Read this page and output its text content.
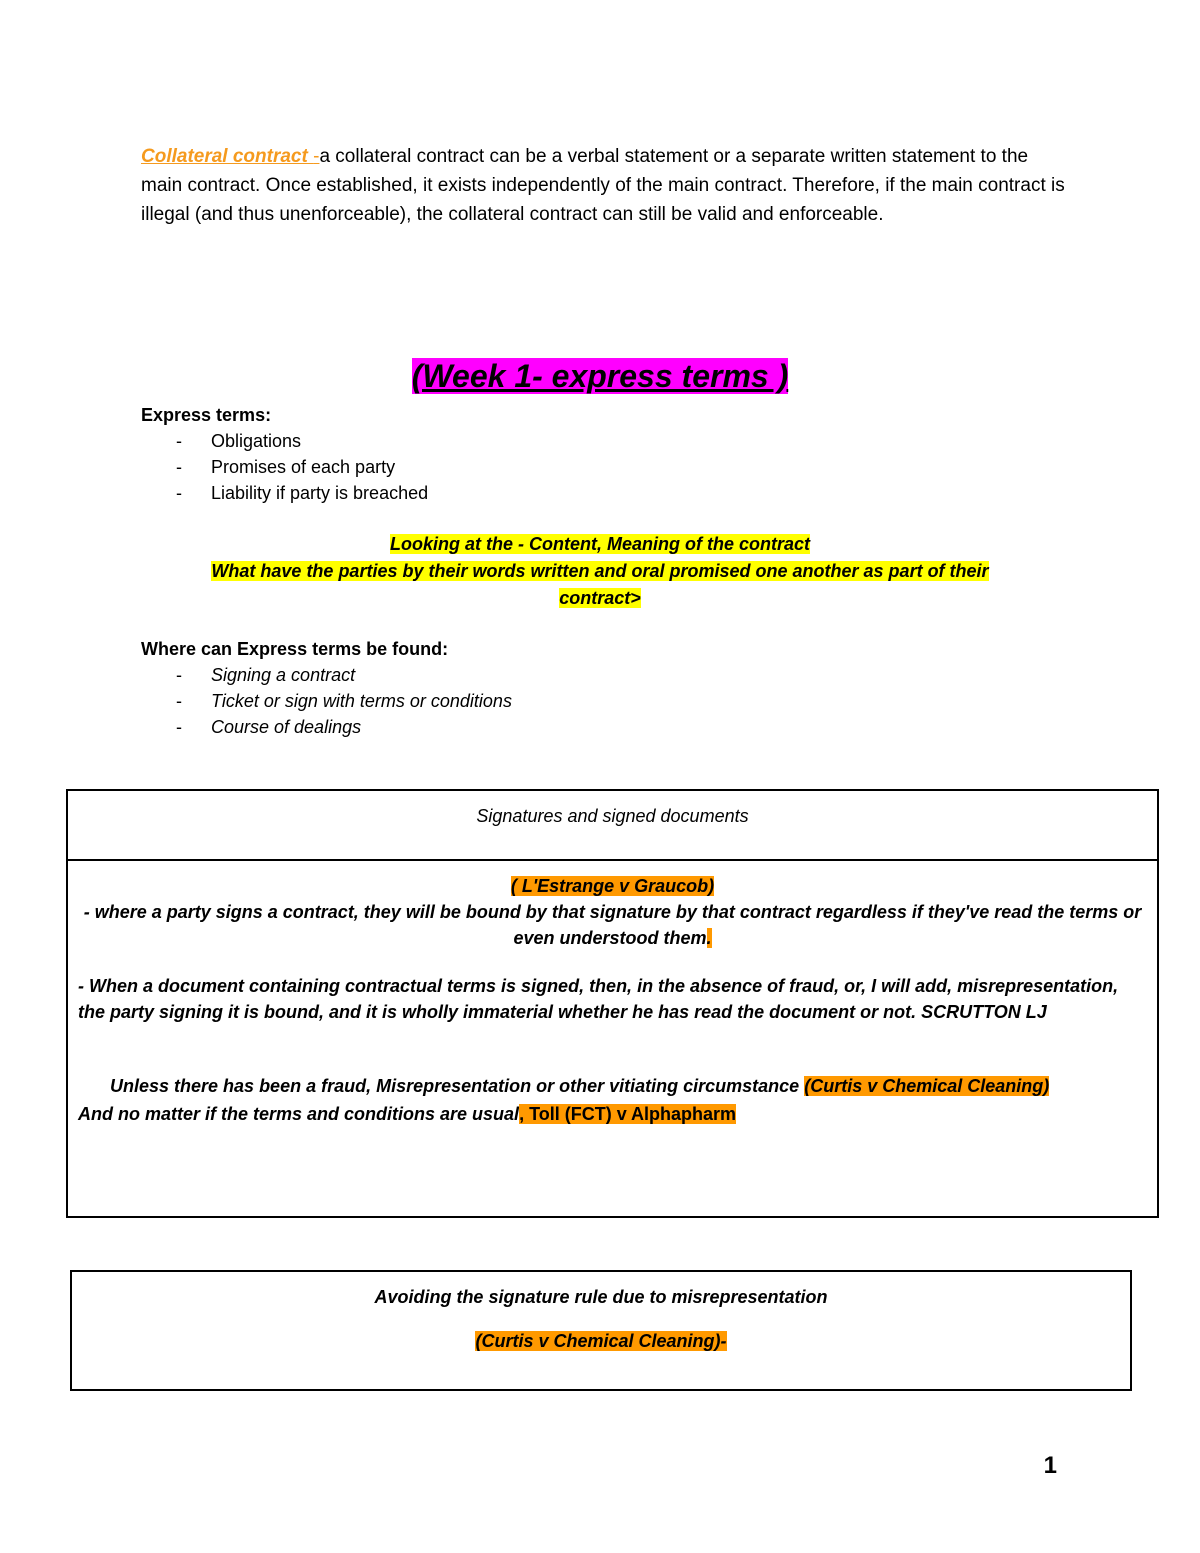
Collateral contract -a collateral contract can be a verbal statement or a separate written statement to the main contract. Once established, it exists independently of the main contract. Therefore, if the main contract is illegal (and thus unenforceable), the collateral contract can still be valid and enforceable.
(Week 1- express terms )
Express terms:
- Obligations
- Promises of each party
- Liability if party is breached
Looking at the - Content, Meaning of the contract
What have the parties by their words written and oral promised one another as part of their contract>
Where can Express terms be found:
- Signing a contract
- Ticket or sign with terms or conditions
- Course of dealings
Signatures and signed documents
( L'Estrange v Graucob)
- where a party signs a contract, they will be bound by that signature by that contract regardless if they've read the terms or even understood them.
- When a document containing contractual terms is signed, then, in the absence of fraud, or, I will add, misrepresentation, the party signing it is bound, and it is wholly immaterial whether he has read the document or not. SCRUTTON LJ
Unless there has been a fraud, Misrepresentation or other vitiating circumstance (Curtis v Chemical Cleaning)
And no matter if the terms and conditions are usual, Toll (FCT) v Alphapharm
Avoiding the signature rule due to misrepresentation
(Curtis v Chemical Cleaning)-
1
